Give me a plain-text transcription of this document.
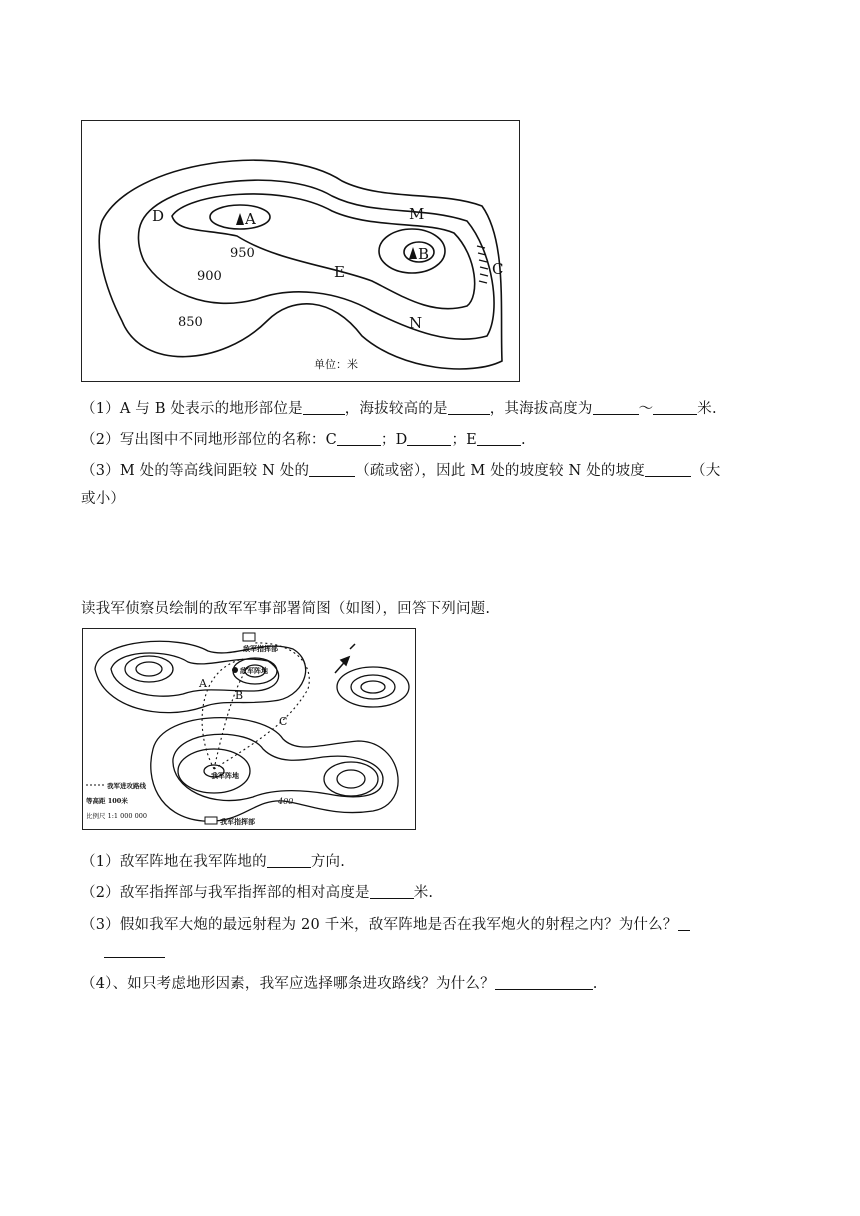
A
B
C
D
E
M
N
950
900
850
单位：米
（1）A 与 B 处表示的地形部位是	，海拔较高的是	，其海拔高度为	～	米.
（2）写出图中不同地形部位的名称：C	；D	；E	.
（3）M 处的等高线间距较 N 处的	（疏或密），因此 M 处的坡度较 N 处的坡度	（大
或小）
读我军侦察员绘制的敌军军事部署简图（如图），回答下列问题.
敌军指挥部
敌军阵地
我军阵地
A
B
C
400
我军进攻路线
等高距 100米
比例尺 1:1 000 000
我军指挥部
（1）敌军阵地在我军阵地的	方向.
（2）敌军指挥部与我军指挥部的相对高度是	米.
（3）假如我军大炮的最远射程为 20 千米，敌军阵地是否在我军炮火的射程之内？为什么？
（4）、如只考虑地形因素，我军应选择哪条进攻路线？为什么？	.
